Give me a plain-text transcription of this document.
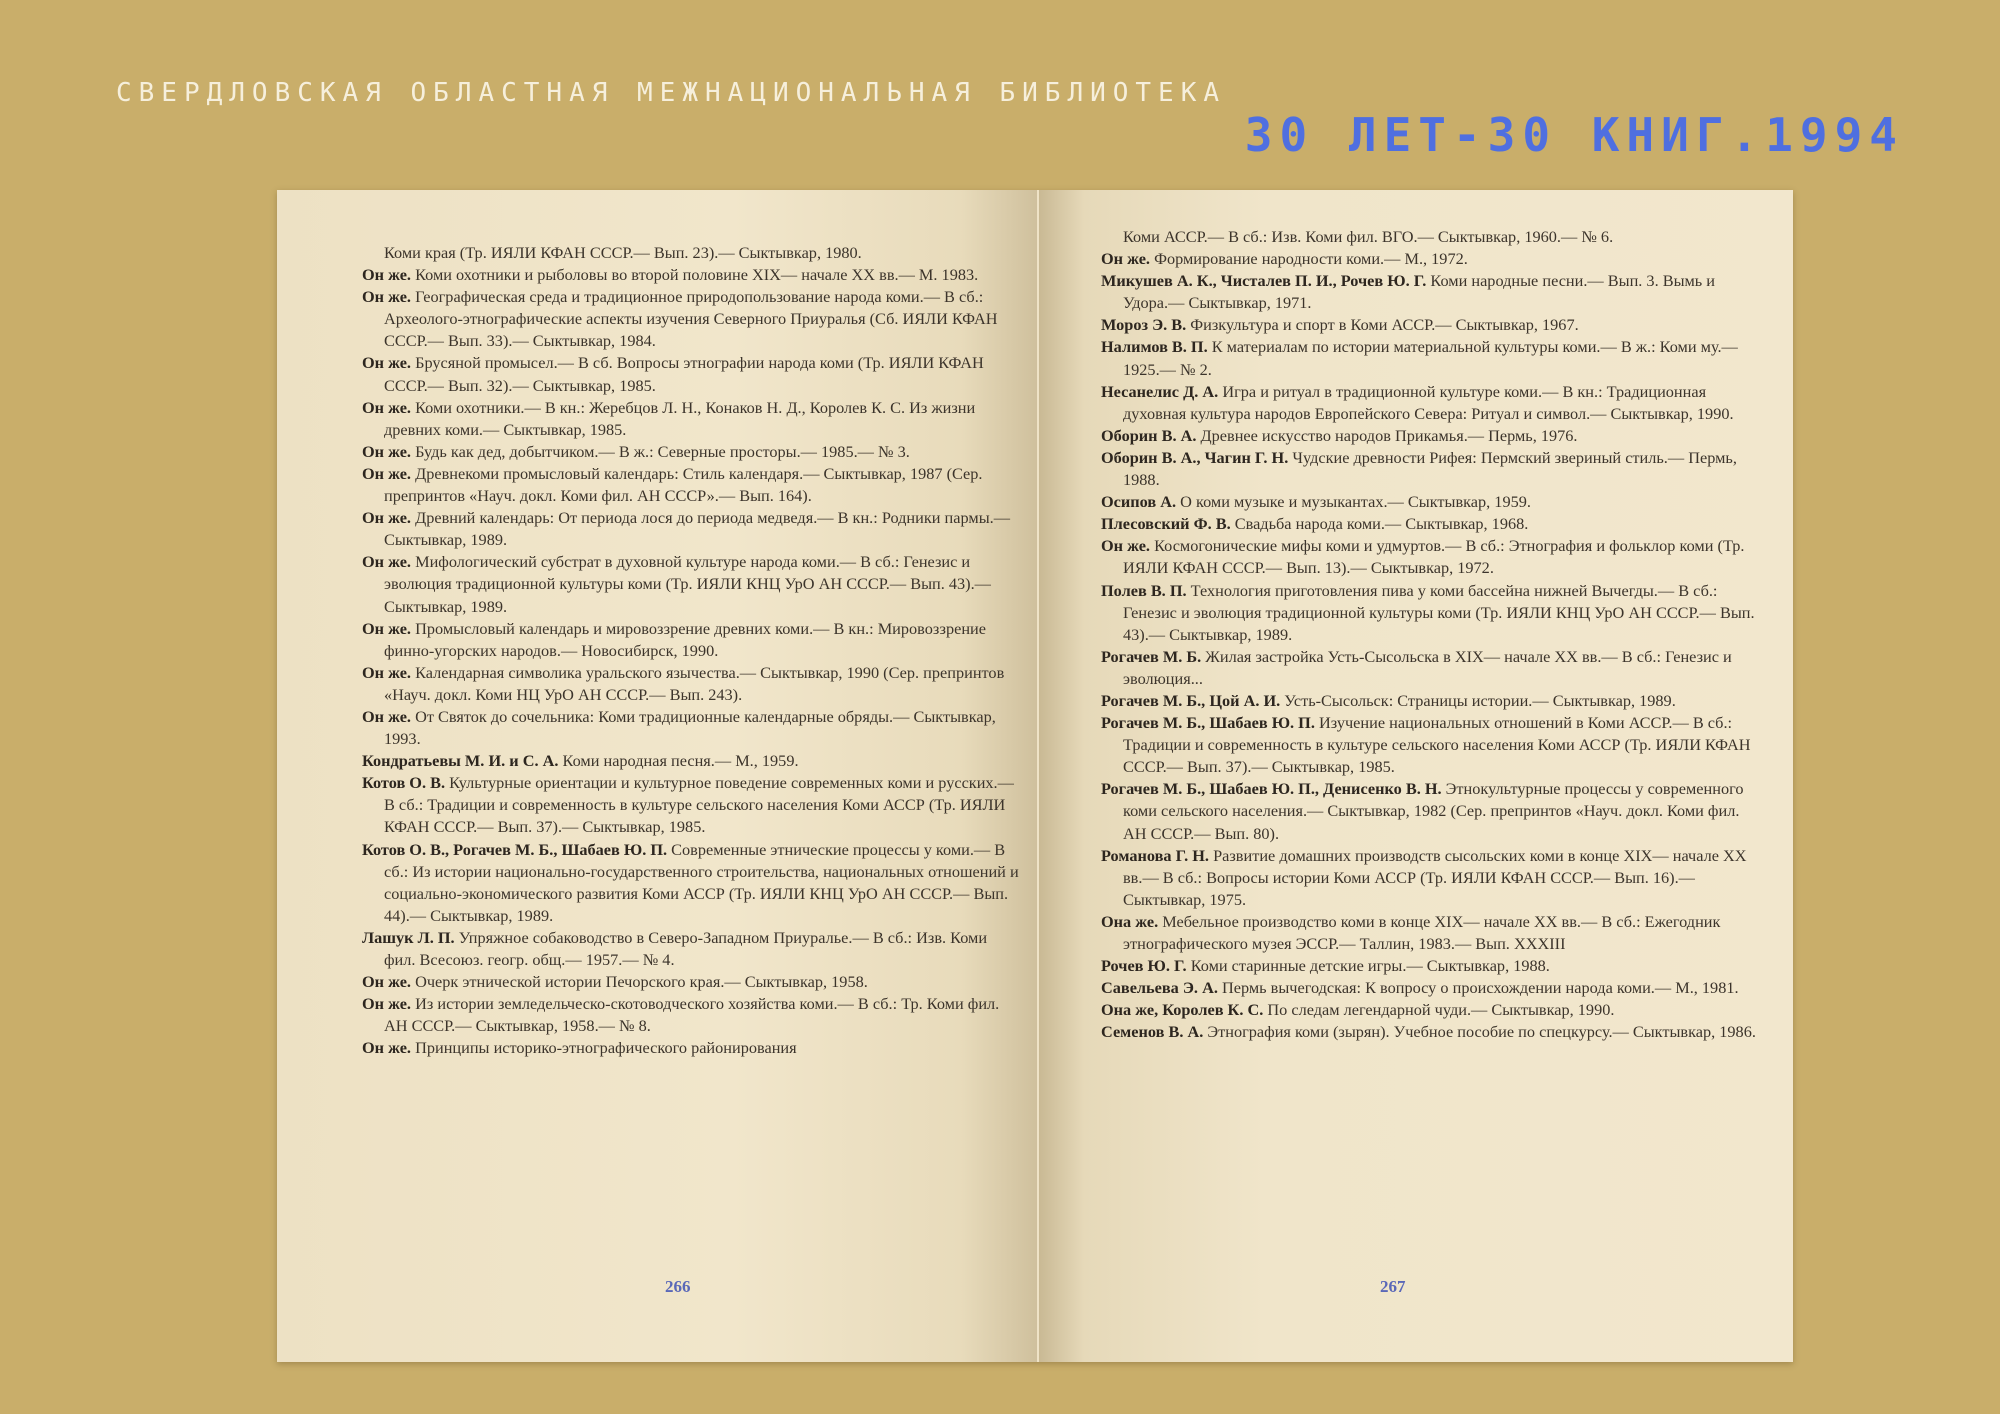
СВЕРДЛОВСКАЯ ОБЛАСТНАЯ МЕЖНАЦИОНАЛЬНАЯ БИБЛИОТЕКА
30 ЛЕТ-30 КНИГ.1994

Коми края (Тр. ИЯЛИ КФАН СССР.— Вып. 23).— Сыктывкар, 1980.

Он же. Коми охотники и рыболовы во второй половине XIX— начале XX вв.— М. 1983.

Он же. Географическая среда и традиционное природопользование народа коми.— В сб.: Археолого-этнографические аспекты изучения Северного Приуралья (Сб. ИЯЛИ КФАН СССР.— Вып. 33).— Сыктывкар, 1984.

Он же. Брусяной промысел.— В сб. Вопросы этнографии народа коми (Тр. ИЯЛИ КФАН СССР.— Вып. 32).— Сыктывкар, 1985.

Он же. Коми охотники.— В кн.: Жеребцов Л. Н., Конаков Н. Д., Королев К. С. Из жизни древних коми.— Сыктывкар, 1985.

Он же. Будь как дед, добытчиком.— В ж.: Северные просторы.— 1985.— № 3.

Он же. Древнекоми промысловый календарь: Стиль календаря.— Сыктывкар, 1987 (Сер. препринтов «Науч. докл. Коми фил. АН СССР».— Вып. 164).

Он же. Древний календарь: От периода лося до периода медведя.— В кн.: Родники пармы.— Сыктывкар, 1989.

Он же. Мифологический субстрат в духовной культуре народа коми.— В сб.: Генезис и эволюция традиционной культуры коми (Тр. ИЯЛИ КНЦ УрО АН СССР.— Вып. 43).— Сыктывкар, 1989.

Он же. Промысловый календарь и мировоззрение древних коми.— В кн.: Мировоззрение финно-угорских народов.— Новосибирск, 1990.

Он же. Календарная символика уральского язычества.— Сыктывкар, 1990 (Сер. препринтов «Науч. докл. Коми НЦ УрО АН СССР.— Вып. 243).

Он же. От Святок до сочельника: Коми традиционные календарные обряды.— Сыктывкар, 1993.

Кондратьевы М. И. и С. А. Коми народная песня.— М., 1959.

Котов О. В. Культурные ориентации и культурное поведение современных коми и русских.— В сб.: Традиции и современность в культуре сельского населения Коми АССР (Тр. ИЯЛИ КФАН СССР.— Вып. 37).— Сыктывкар, 1985.

Котов О. В., Рогачев М. Б., Шабаев Ю. П. Современные этнические процессы у коми.— В сб.: Из истории национально-государственного строительства, национальных отношений и социально-экономического развития Коми АССР (Тр. ИЯЛИ КНЦ УрО АН СССР.— Вып. 44).— Сыктывкар, 1989.

Лашук Л. П. Упряжное собаководство в Северо-Западном Приуралье.— В сб.: Изв. Коми фил. Всесоюз. геогр. общ.— 1957.— № 4.

Он же. Очерк этнической истории Печорского края.— Сыктывкар, 1958.

Он же. Из истории земледельческо-скотоводческого хозяйства коми.— В сб.: Тр. Коми фил. АН СССР.— Сыктывкар, 1958.— № 8.

Он же. Принципы историко-этнографического районирования

266

Коми АССР.— В сб.: Изв. Коми фил. ВГО.— Сыктывкар, 1960.— № 6.

Он же. Формирование народности коми.— М., 1972.

Микушев А. К., Чисталев П. И., Рочев Ю. Г. Коми народные песни.— Вып. 3. Вымь и Удора.— Сыктывкар, 1971.

Мороз Э. В. Физкультура и спорт в Коми АССР.— Сыктывкар, 1967.

Налимов В. П. К материалам по истории материальной культуры коми.— В ж.: Коми му.— 1925.— № 2.

Несанелис Д. А. Игра и ритуал в традиционной культуре коми.— В кн.: Традиционная духовная культура народов Европейского Севера: Ритуал и символ.— Сыктывкар, 1990.

Оборин В. А. Древнее искусство народов Прикамья.— Пермь, 1976.

Оборин В. А., Чагин Г. Н. Чудские древности Рифея: Пермский звериный стиль.— Пермь, 1988.

Осипов А. О коми музыке и музыкантах.— Сыктывкар, 1959.

Плесовский Ф. В. Свадьба народа коми.— Сыктывкар, 1968.

Он же. Космогонические мифы коми и удмуртов.— В сб.: Этнография и фольклор коми (Тр. ИЯЛИ КФАН СССР.— Вып. 13).— Сыктывкар, 1972.

Полев В. П. Технология приготовления пива у коми бассейна нижней Вычегды.— В сб.: Генезис и эволюция традиционной культуры коми (Тр. ИЯЛИ КНЦ УрО АН СССР.— Вып. 43).— Сыктывкар, 1989.

Рогачев М. Б. Жилая застройка Усть-Сысольска в XIX— начале XX вв.— В сб.: Генезис и эволюция...

Рогачев М. Б., Цой А. И. Усть-Сысольск: Страницы истории.— Сыктывкар, 1989.

Рогачев М. Б., Шабаев Ю. П. Изучение национальных отношений в Коми АССР.— В сб.: Традиции и современность в культуре сельского населения Коми АССР (Тр. ИЯЛИ КФАН СССР.— Вып. 37).— Сыктывкар, 1985.

Рогачев М. Б., Шабаев Ю. П., Денисенко В. Н. Этнокультурные процессы у современного коми сельского населения.— Сыктывкар, 1982 (Сер. препринтов «Науч. докл. Коми фил. АН СССР.— Вып. 80).

Романова Г. Н. Развитие домашних производств сысольских коми в конце XIX— начале XX вв.— В сб.: Вопросы истории Коми АССР (Тр. ИЯЛИ КФАН СССР.— Вып. 16).— Сыктывкар, 1975.

Она же. Мебельное производство коми в конце XIX— начале XX вв.— В сб.: Ежегодник этнографического музея ЭССР.— Таллин, 1983.— Вып. XXXIII

Рочев Ю. Г. Коми старинные детские игры.— Сыктывкар, 1988.

Савельева Э. А. Пермь вычегодская: К вопросу о происхождении народа коми.— М., 1981.

Она же, Королев К. С. По следам легендарной чуди.— Сыктывкар, 1990.

Семенов В. А. Этнография коми (зырян). Учебное пособие по спецкурсу.— Сыктывкар, 1986.

267
